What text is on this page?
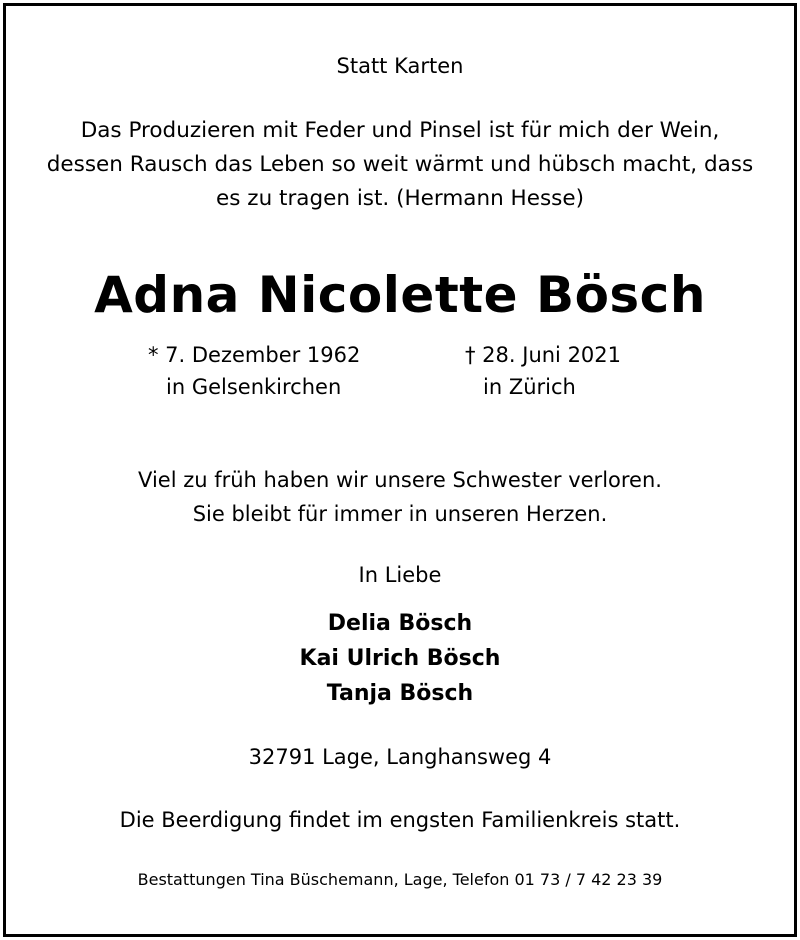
Statt Karten
Das Produzieren mit Feder und Pinsel ist für mich der Wein,
dessen Rausch das Leben so weit wärmt und hübsch macht, dass
es zu tragen ist. (Hermann Hesse)
Adna Nicolette Bösch
* 7. Dezember 1962
in Gelsenkirchen
† 28. Juni 2021
in Zürich
Viel zu früh haben wir unsere Schwester verloren.
Sie bleibt für immer in unseren Herzen.
In Liebe
Delia Bösch
Kai Ulrich Bösch
Tanja Bösch
32791 Lage, Langhansweg 4
Die Beerdigung findet im engsten Familienkreis statt.
Bestattungen Tina Büschemann, Lage, Telefon 01 73 / 7 42 23 39
